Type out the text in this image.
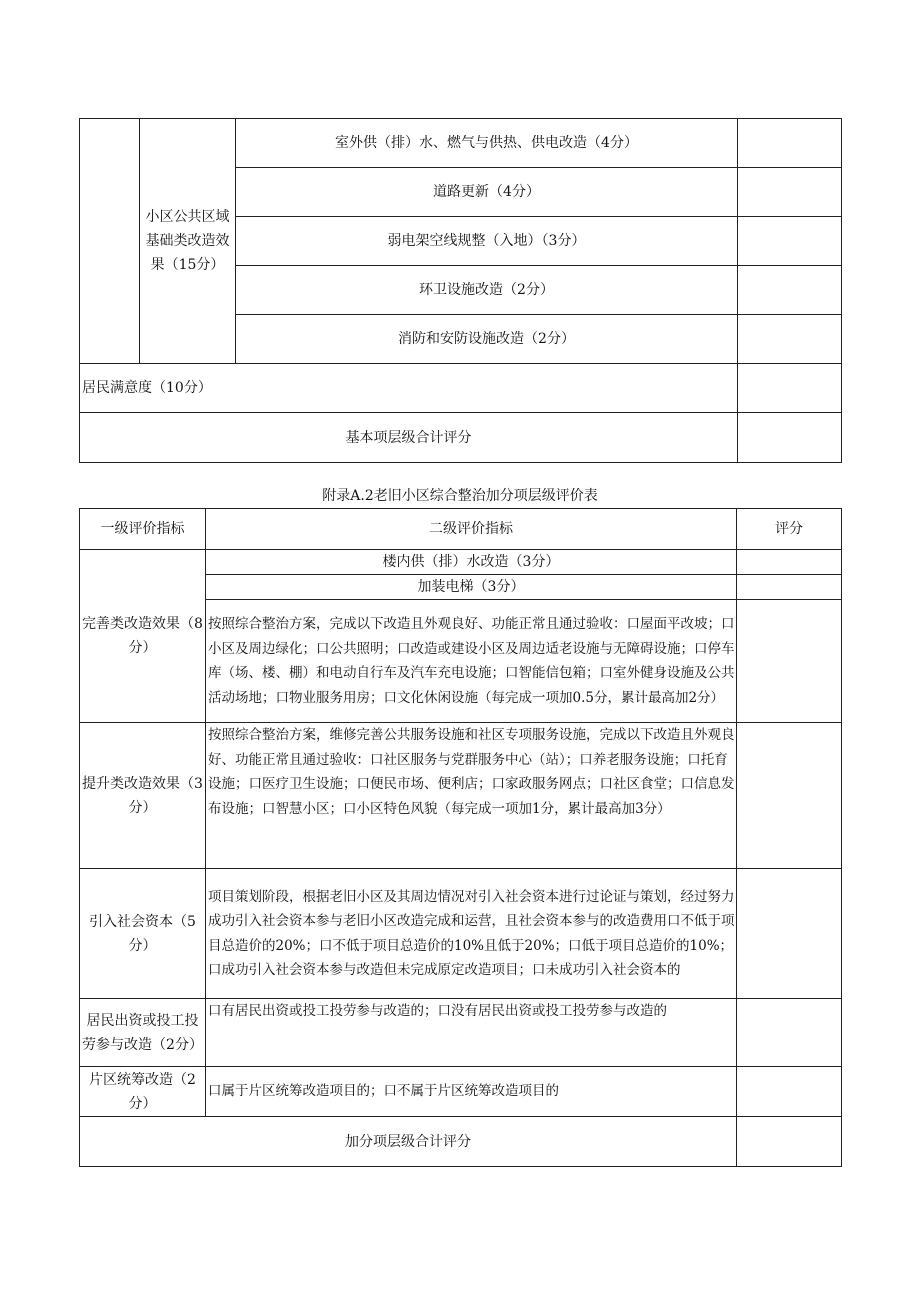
	小区公共区域基础类改造效果（15分）	室外供（排）水、燃气与供热、供电改造（4分）	
		道路更新（4分）	
		弱电架空线规整（入地）（3分）	
		环卫设施改造（2分）	
		消防和安防设施改造（2分）	
居民满意度（10分）			
基本项层级合计评分			
附录A.2老旧小区综合整治加分项层级评价表
一级评价指标	二级评价指标	评分
完善类改造效果（8分）	楼内供（排）水改造（3分）	
	加装电梯（3分）	
	按照综合整治方案，完成以下改造且外观良好、功能正常且通过验收：口屋面平改坡；口小区及周边绿化；口公共照明；口改造或建设小区及周边适老设施与无障碍设施；口停车库（场、楼、棚）和电动自行车及汽车充电设施；口智能信包箱；口室外健身设施及公共活动场地；口物业服务用房；口文化休闲设施（每完成一项加0.5分，累计最高加2分）	
提升类改造效果（3分）	按照综合整治方案，维修完善公共服务设施和社区专项服务设施，完成以下改造且外观良好、功能正常且通过验收：口社区服务与党群服务中心（站）；口养老服务设施；口托育设施；口医疗卫生设施；口便民市场、便利店；口家政服务网点；口社区食堂；口信息发布设施；口智慧小区；口小区特色风貌（每完成一项加1分，累计最高加3分）	
引入社会资本（5分）	项目策划阶段，根据老旧小区及其周边情况对引入社会资本进行过论证与策划，经过努力成功引入社会资本参与老旧小区改造完成和运营，且社会资本参与的改造费用口不低于项目总造价的20%；口不低于项目总造价的10%且低于20%；口低于项目总造价的10%；口成功引入社会资本参与改造但未完成原定改造项目；口未成功引入社会资本的	
居民出资或投工投劳参与改造（2分）	口有居民出资或投工投劳参与改造的；口没有居民出资或投工投劳参与改造的	
片区统筹改造（2分）	口属于片区统筹改造项目的；口不属于片区统筹改造项目的	
加分项层级合计评分		
